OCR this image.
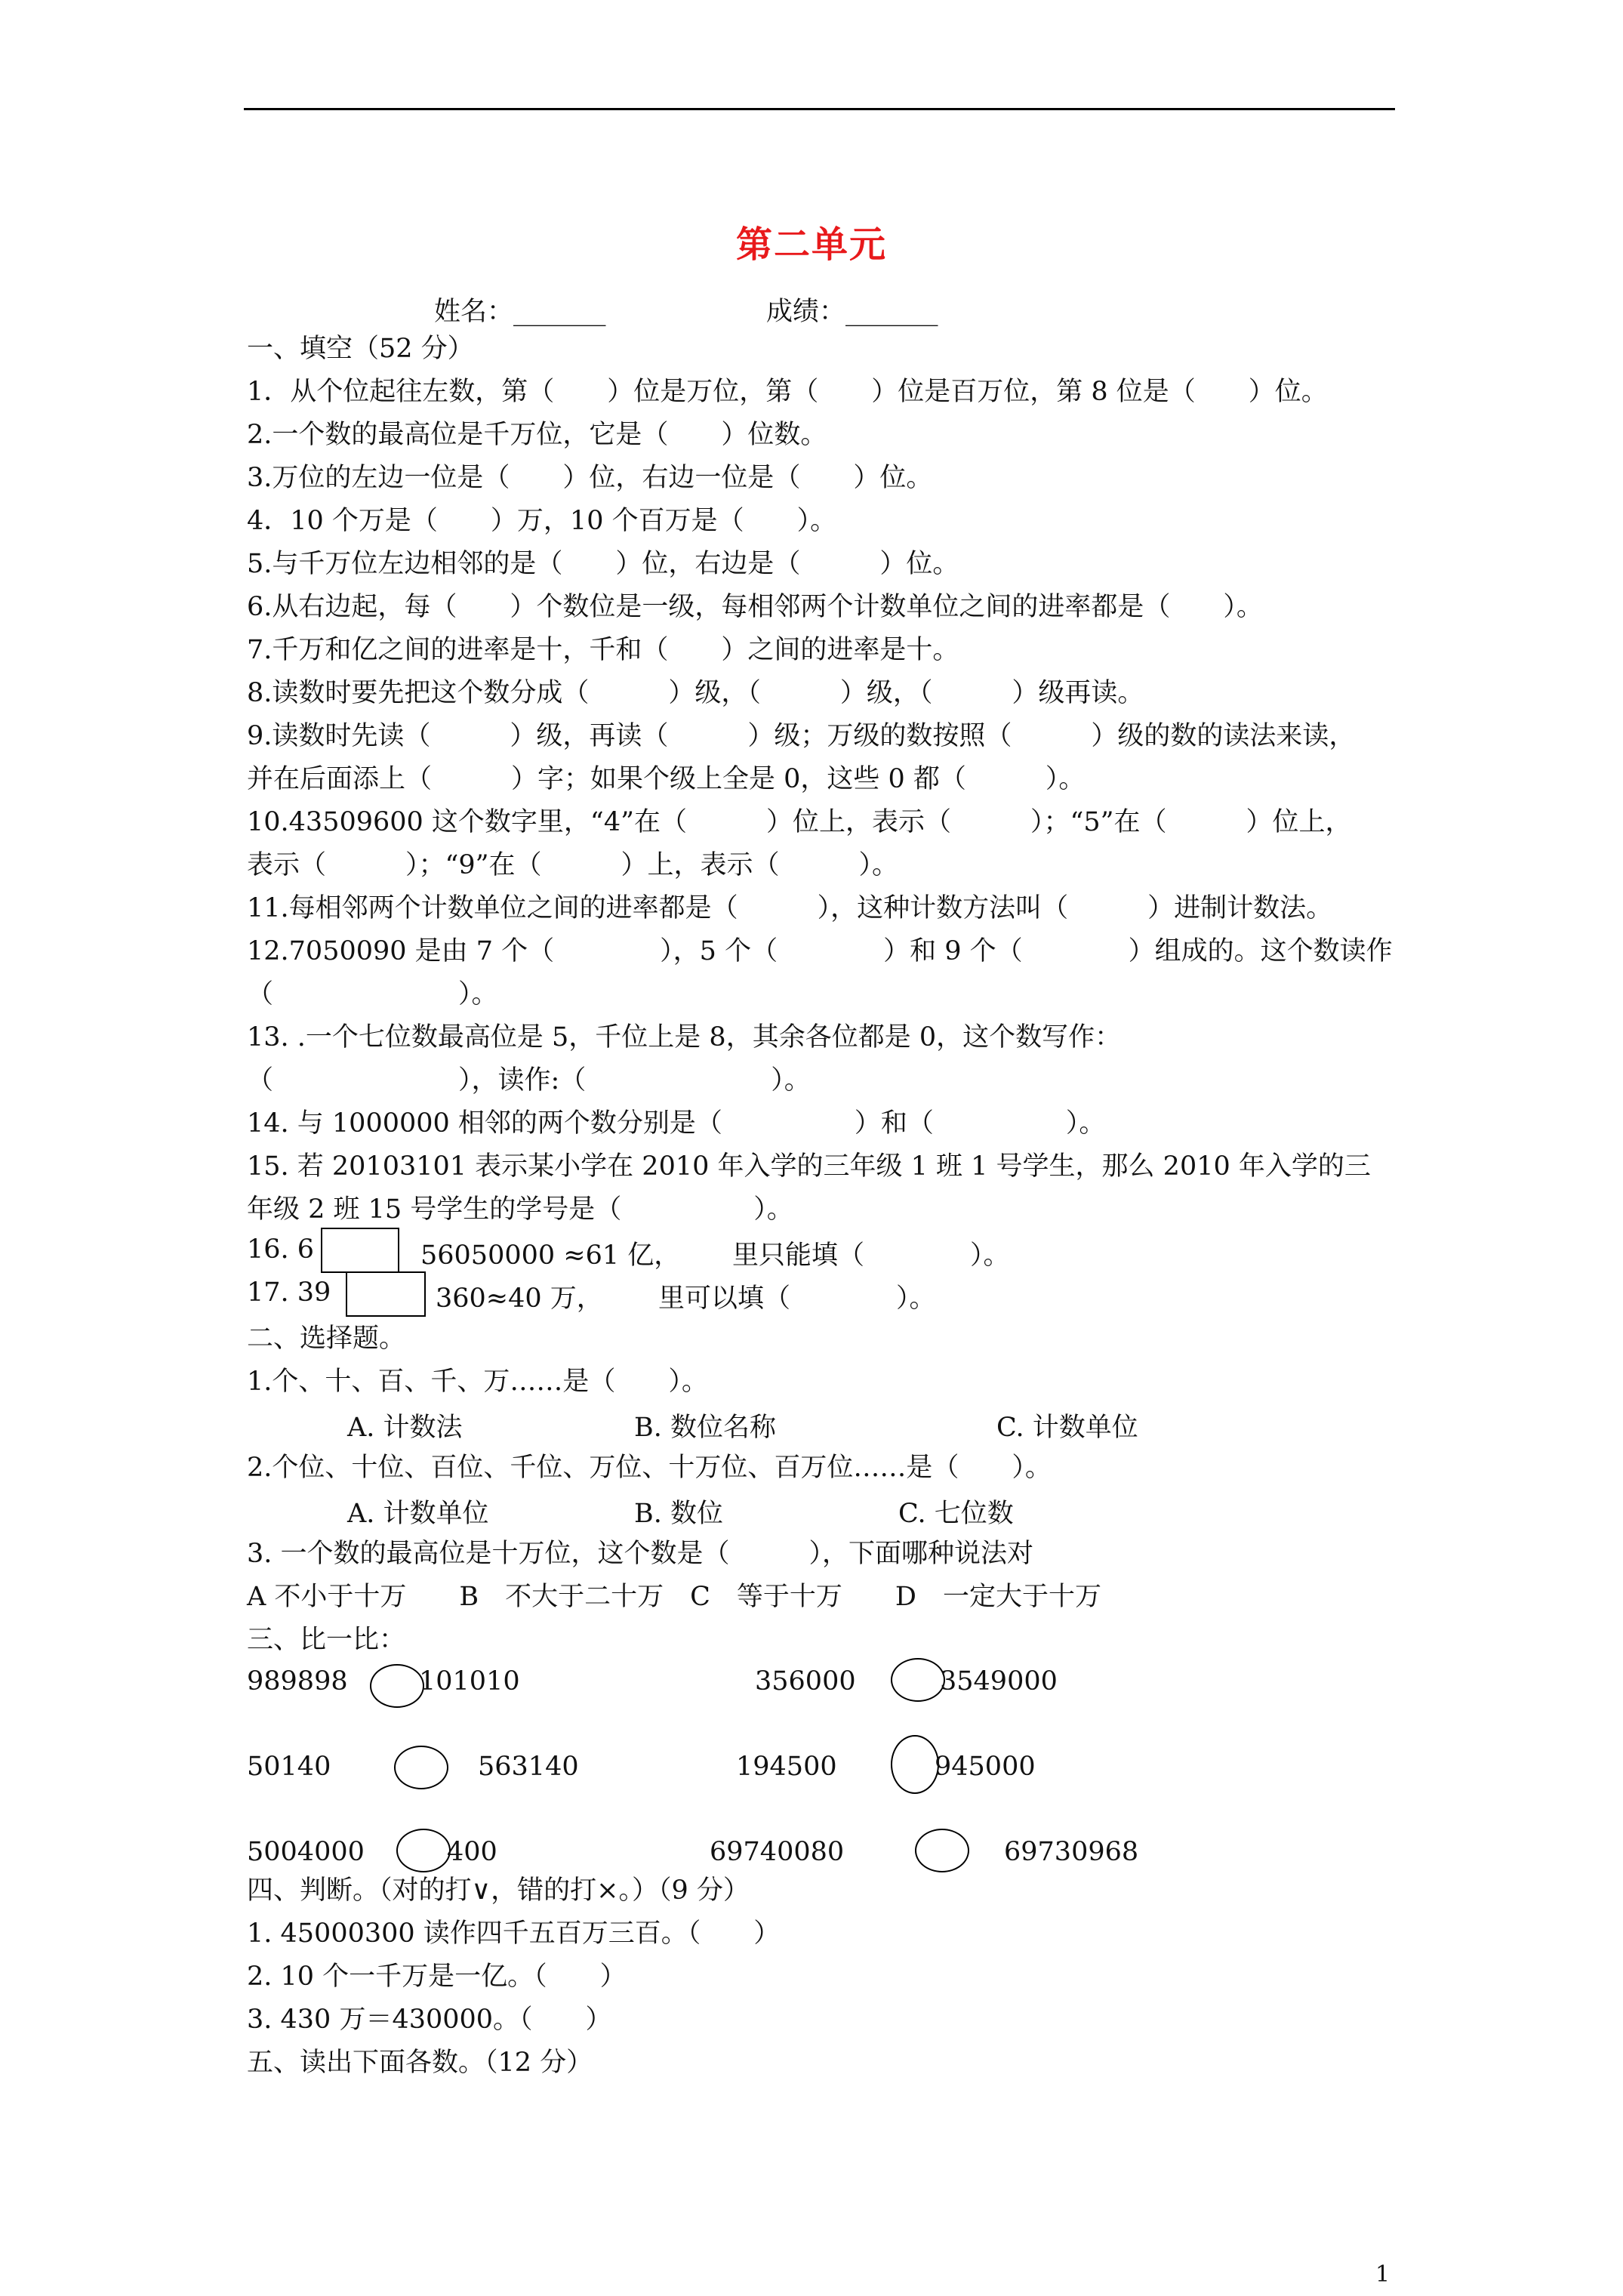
第二单元
姓名：_______	成绩：_______
一、填空（52 分）
1．从个位起往左数，第（　　）位是万位，第（　　）位是百万位，第 8 位是（　　）位。
2.一个数的最高位是千万位，它是（　　）位数。
3.万位的左边一位是（　　）位，右边一位是（　　）位。
4．10 个万是（　　）万，10 个百万是（　　）。
5.与千万位左边相邻的是（　　）位，右边是（　　　）位。
6.从右边起，每（　　）个数位是一级，每相邻两个计数单位之间的进率都是（　　）。
7.千万和亿之间的进率是十，千和（　　）之间的进率是十。
8.读数时要先把这个数分成（　　　）级，（　　　）级，（　　　）级再读。
9.读数时先读（　　　）级，再读（　　　）级；万级的数按照（　　　）级的数的读法来读，
并在后面添上（　　　）字；如果个级上全是 0，这些 0 都（　　　）。
10.43509600 这个数字里，“4”在（　　　）位上，表示（　　　）；“5”在（　　　）位上，
表示（　　　）；“9”在（　　　）上，表示（　　　）。
11.每相邻两个计数单位之间的进率都是（　　　），这种计数方法叫（　　　）进制计数法。
12.7050090 是由 7 个（　　　　），5 个（　　　　）和 9 个（　　　　）组成的。这个数读作
（　　　　　　　）。
13. .一个七位数最高位是 5，千位上是 8，其余各位都是 0，这个数写作：
（　　　　　　　），读作:（　　　　　　　）。
14. 与 1000000 相邻的两个数分别是（　　　　　）和（　　　　　）。
15. 若 20103101 表示某小学在 2010 年入学的三年级 1 班 1 号学生，那么 2010 年入学的三
年级 2 班 15 号学生的学号是（　　　　　）。
16. 6	56050000 ≈61 亿， 里只能填（　　　　）。
17. 39	360≈40 万， 里可以填（　　　　）。
二、选择题。
1.个、十、百、千、万……是（　　）。
A. 计数法	B. 数位名称	C. 计数单位
2.个位、十位、百位、千位、万位、十万位、百万位……是（　　）。
A. 计数单位	B. 数位	C. 七位数
3. 一个数的最高位是十万位，这个数是（　　　），下面哪种说法对
A 不小于十万　　B　不大于二十万　C　等于十万　　D　一定大于十万
三、比一比：
989898	101010	356000	3549000
50140	563140	194500	945000
5004000	400	69740080	69730968
四、判断。（对的打∨，错的打×。）（9 分）
1. 45000300 读作四千五百万三百。（　　）
2. 10 个一千万是一亿。（　　）
3. 430 万＝430000。（　　）
五、读出下面各数。（12 分）
1
